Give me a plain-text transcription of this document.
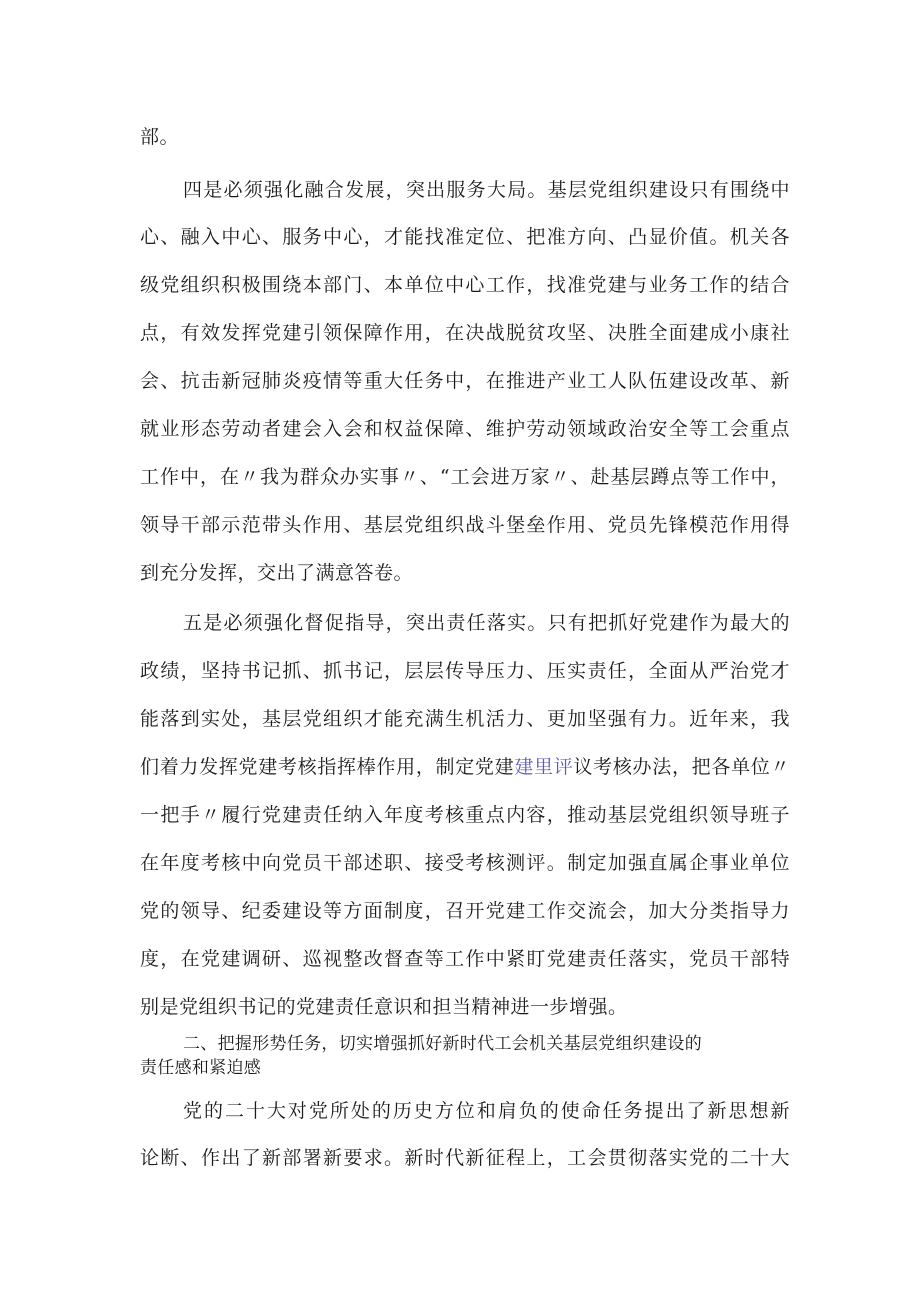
部。
四是必须强化融合发展，突出服务大局。基层党组织建设只有围绕中
心、融入中心、服务中心，才能找准定位、把准方向、凸显价值。机关各
级党组织积极围绕本部门、本单位中心工作，找准党建与业务工作的结合
点，有效发挥党建引领保障作用，在决战脱贫攻坚、决胜全面建成小康社
会、抗击新冠肺炎疫情等重大任务中，在推进产业工人队伍建设改革、新
就业形态劳动者建会入会和权益保障、维护劳动领域政治安全等工会重点
工作中，在〃我为群众办实事〃、“工会进万家〃、赴基层蹲点等工作中，
领导干部示范带头作用、基层党组织战斗堡垒作用、党员先锋模范作用得
到充分发挥，交出了满意答卷。
五是必须强化督促指导，突出责任落实。只有把抓好党建作为最大的
政绩，坚持书记抓、抓书记，层层传导压力、压实责任，全面从严治党才
能落到实处，基层党组织才能充满生机活力、更加坚强有力。近年来，我
们着力发挥党建考核指挥棒作用，制定党建建里评议考核办法，把各单位〃
一把手〃履行党建责任纳入年度考核重点内容，推动基层党组织领导班子
在年度考核中向党员干部述职、接受考核测评。制定加强直属企事业单位
党的领导、纪委建设等方面制度，召开党建工作交流会，加大分类指导力
度，在党建调研、巡视整改督查等工作中紧盯党建责任落实，党员干部特
别是党组织书记的党建责任意识和担当精神进一步增强。
二、把握形势任务，切实增强抓好新时代工会机关基层党组织建设的
责任感和紧迫感
党的二十大对党所处的历史方位和肩负的使命任务提出了新思想新
论断、作出了新部署新要求。新时代新征程上，工会贯彻落实党的二十大
